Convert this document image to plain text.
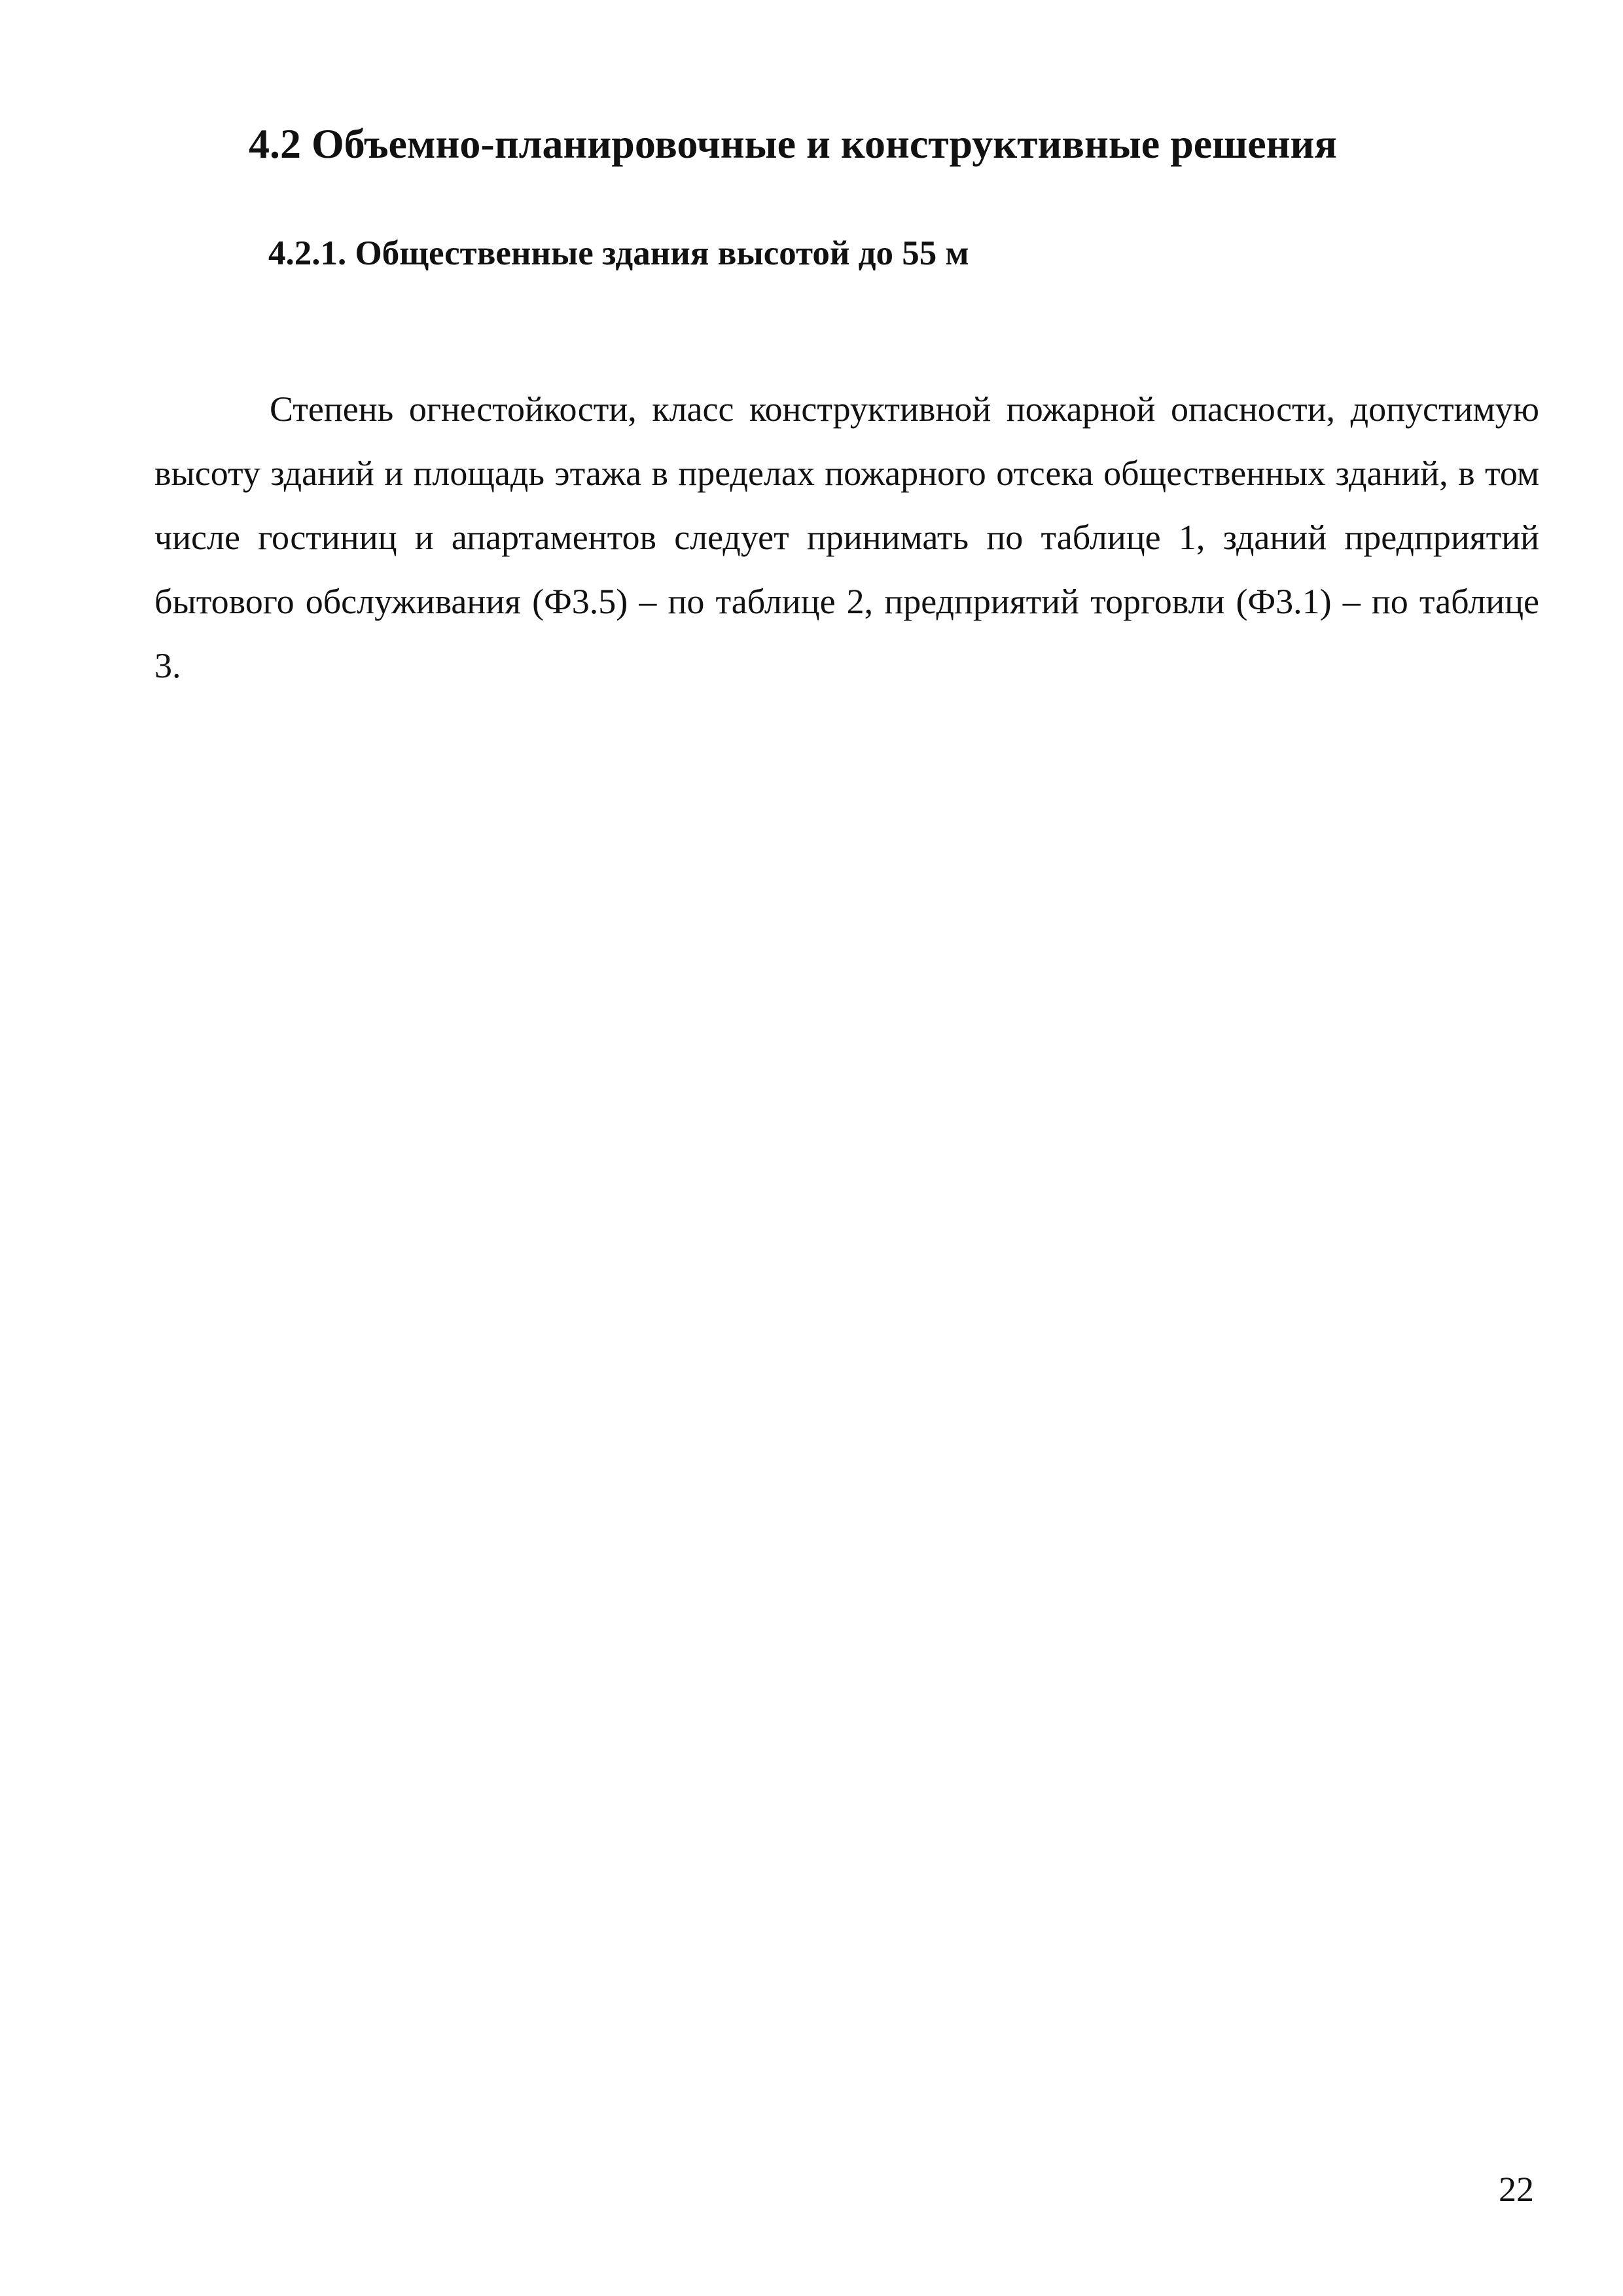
4.2 Объемно-планировочные и конструктивные решения
4.2.1. Общественные здания высотой до 55 м

Степень огнестойкости, класс конструктивной пожарной опасности, допустимую высоту зданий и площадь этажа в пределах пожарного отсека общественных зданий, в том числе гостиниц и апартаментов следует принимать по таблице 1, зданий предприятий бытового обслуживания (Ф3.5) – по таблице 2, предприятий торговли (Ф3.1) – по таблице 3.

22
